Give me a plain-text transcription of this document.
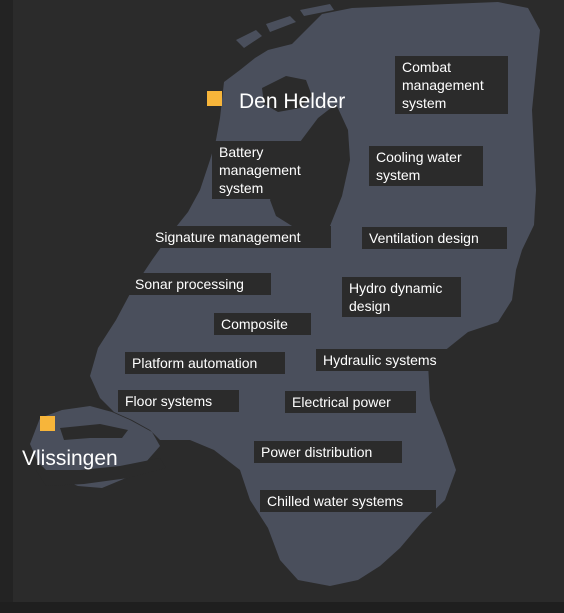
Den Helder
Vlissingen
Combat
management
system
Battery
management
system
Cooling water
system
Signature management	Ventilation design
Sonar processing	Hydro dynamic
design
Composite
Platform automation	Hydraulic systems
Floor systems	Electrical power
Power distribution
Chilled water systems
